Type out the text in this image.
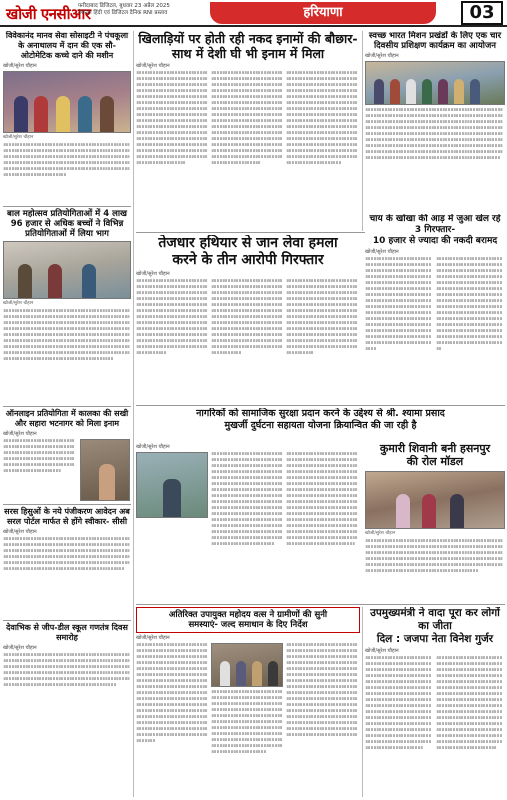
खोजी एनसीआर
फरीदाबाद डिजिटल, बुधवार 23 अप्रैल 2025
नेशनल हिंदी एवं डिजिटल दैनिक RNI प्रस्ताव	हरियाणा	03
विवेकानंद मानव सेवा सोसाइटी ने पंचकूला के अनाथालय में दान की एक सौ- ओटोमेटिक कच्चे दाने की मशीन
खोजी/सुरेश चौहान
खोजी/सुरेश चौहान
॥॥॥॥॥॥॥॥॥॥॥॥॥॥॥॥॥॥॥॥॥॥॥॥॥॥॥॥॥॥॥॥॥॥॥॥॥॥॥॥॥॥॥॥॥॥॥॥॥॥॥॥॥॥॥॥॥॥॥॥॥॥॥॥॥॥॥॥॥॥॥॥॥॥॥॥॥॥॥॥॥॥॥॥॥॥॥॥॥॥॥॥॥॥॥॥॥॥॥॥॥॥॥॥॥॥॥॥॥॥॥॥॥॥॥॥॥॥॥॥॥॥॥॥॥॥॥॥॥॥॥॥॥॥॥॥॥॥॥॥॥॥॥॥॥॥॥॥॥॥॥॥॥॥॥॥॥॥॥॥॥॥॥॥॥॥॥॥॥॥॥॥॥॥॥॥॥॥॥॥॥॥॥॥॥॥॥॥॥॥॥॥॥॥॥॥॥॥॥॥॥॥॥॥॥॥॥॥॥॥॥॥॥॥॥॥॥॥॥॥॥॥॥॥॥॥॥॥॥॥॥॥॥॥॥॥॥॥॥॥॥॥॥॥॥॥॥॥॥॥॥॥॥
बाल महोत्सव प्रतियोगिताओं में 4 लाख 96 हजार से अधिक बच्चों ने विभिन्न प्रतियोगिताओं में लिया भाग
खोजी/सुरेश चौहान
॥॥॥॥॥॥॥॥॥॥॥॥॥॥॥॥॥॥॥॥॥॥॥॥॥॥॥॥॥॥॥॥॥॥॥॥॥॥॥॥॥॥॥॥॥॥॥॥॥॥॥॥॥॥॥॥॥॥॥॥॥॥॥॥॥॥॥॥॥॥॥॥॥॥॥॥॥॥॥॥॥॥॥॥॥॥॥॥॥॥॥॥॥॥॥॥॥॥॥॥॥॥॥॥॥॥॥॥॥॥॥॥॥॥॥॥॥॥॥॥॥॥॥॥॥॥॥॥॥॥॥॥॥॥॥॥॥॥॥॥॥॥॥॥॥॥॥॥॥॥॥॥॥॥॥॥॥॥॥॥॥॥॥॥॥॥॥॥॥॥॥॥॥॥॥॥॥॥॥॥॥॥॥॥॥॥॥॥॥॥॥॥॥॥॥॥॥॥॥॥॥॥॥॥॥॥॥॥॥॥॥॥॥॥॥॥॥॥॥॥॥॥॥॥॥॥॥॥॥॥॥॥॥॥॥॥॥॥॥॥॥॥॥॥॥॥॥॥॥॥॥॥॥॥॥॥॥॥॥॥॥॥॥॥॥॥॥॥॥॥॥॥॥॥॥॥॥॥॥॥॥॥॥॥॥॥॥॥॥॥॥॥॥॥॥॥॥॥॥॥॥॥॥॥॥॥॥॥॥॥॥॥॥॥॥॥॥॥॥॥॥॥॥॥॥॥॥॥॥॥॥॥॥॥॥॥॥॥॥॥॥॥॥॥॥॥॥॥॥॥॥॥॥॥॥॥॥॥॥॥॥॥॥॥॥॥॥॥॥॥॥॥॥॥॥॥॥॥॥॥॥॥॥॥॥॥॥॥॥॥॥॥॥॥॥॥॥॥॥॥॥॥॥॥॥॥॥॥
ऑनलाइन प्रतियोगिता में कालका की सखी और सहारा भटनागर को मिला इनाम
खोजी/सुरेश चौहान
॥॥॥॥॥॥॥॥॥॥॥॥॥॥॥॥॥॥॥॥॥॥॥॥॥॥॥॥॥॥॥॥॥॥॥॥॥॥॥॥॥॥॥॥॥॥॥॥॥॥॥॥॥॥॥॥॥॥॥॥॥॥॥॥॥॥॥॥॥॥॥॥॥॥॥॥॥॥॥॥॥॥॥॥॥॥॥॥॥॥॥॥॥॥॥॥॥॥॥॥॥॥॥॥॥॥॥॥॥॥॥॥॥॥॥॥॥॥॥॥॥॥॥॥॥॥॥॥॥॥॥॥॥॥॥॥॥॥॥॥॥॥॥॥॥॥॥॥॥॥॥
सरस हिसुओं के नये पंजीकरण आवेदन अब सरल पोर्टल मार्फत से होंगे स्वीकार- सीसी
खोजी/सुरेश चौहान
॥॥॥॥॥॥॥॥॥॥॥॥॥॥॥॥॥॥॥॥॥॥॥॥॥॥॥॥॥॥॥॥॥॥॥॥॥॥॥॥॥॥॥॥॥॥॥॥॥॥॥॥॥॥॥॥॥॥॥॥॥॥॥॥॥॥॥॥॥॥॥॥॥॥॥॥॥॥॥॥॥॥॥॥॥॥॥॥॥॥॥॥॥॥॥॥॥॥॥॥॥॥॥॥॥॥॥॥॥॥॥॥॥॥॥॥॥॥॥॥॥॥॥॥॥॥॥॥॥॥॥॥॥॥॥॥॥॥॥॥॥॥॥॥॥॥॥॥॥॥॥॥॥॥॥॥॥॥॥॥॥॥॥॥॥॥॥॥॥॥॥॥॥॥॥॥॥॥॥॥॥॥॥॥॥॥॥॥॥॥॥॥॥॥॥॥॥॥॥॥॥॥॥॥॥॥॥॥॥॥॥॥॥॥॥॥॥॥॥॥॥॥॥॥॥॥॥॥॥॥॥॥॥॥॥॥॥॥॥॥॥॥॥॥॥॥॥॥॥॥॥॥॥॥॥॥॥॥॥॥॥॥॥॥॥॥॥॥॥॥॥॥॥॥
देवाभिक से जीप-डील स्कूल गणतंत्र दिवस समारोह
खोजी/सुरेश चौहान
॥॥॥॥॥॥॥॥॥॥॥॥॥॥॥॥॥॥॥॥॥॥॥॥॥॥॥॥॥॥॥॥॥॥॥॥॥॥॥॥॥॥॥॥॥॥॥॥॥॥॥॥॥॥॥॥॥॥॥॥॥॥॥॥॥॥॥॥॥॥॥॥॥॥॥॥॥॥॥॥॥॥॥॥॥॥॥॥॥॥॥॥॥॥॥॥॥॥॥॥॥॥॥॥॥॥॥॥॥॥॥॥॥॥॥॥॥॥॥॥॥॥॥॥॥॥॥॥॥॥॥॥॥॥॥॥॥॥॥॥॥॥॥॥॥॥॥॥॥॥॥॥॥॥॥॥॥॥॥॥॥॥॥॥॥॥॥॥॥॥॥॥॥॥॥॥॥॥॥॥॥॥॥॥॥॥॥॥॥॥॥॥॥॥॥॥॥॥॥॥॥॥॥॥॥॥॥॥॥॥॥॥॥॥॥॥॥॥॥॥॥॥॥॥॥॥॥॥॥॥॥॥॥॥॥॥॥॥॥॥॥॥॥॥॥॥॥॥॥॥॥॥॥॥॥॥॥॥॥॥॥॥॥॥॥॥॥॥॥॥॥
खिलाड़ियों पर होती रही नकद इनामों की बौछार-
साथ में देशी घी भी इनाम में मिला
खोजी/सुरेश चौहान
॥॥॥॥॥॥॥॥॥॥॥॥॥॥॥॥॥॥॥॥॥॥॥॥॥॥॥॥॥॥॥॥॥॥॥॥॥॥॥॥॥॥॥॥॥॥॥॥॥॥॥॥॥॥॥॥॥॥॥॥॥॥॥॥॥॥॥॥॥॥॥॥॥॥॥॥॥॥॥॥॥॥॥॥॥॥॥॥॥॥॥॥॥॥॥॥॥॥॥॥॥॥॥॥॥॥॥॥॥॥॥॥॥॥॥॥॥॥॥॥॥॥॥॥॥॥॥॥॥॥॥॥॥॥॥॥॥॥॥॥॥॥॥॥॥॥॥॥॥॥॥॥॥॥॥॥॥॥॥॥॥॥॥॥॥॥॥॥॥॥॥॥॥॥॥॥॥॥॥॥॥॥॥॥॥॥॥॥॥॥॥॥॥॥॥॥॥॥॥॥॥॥॥॥॥॥॥॥॥॥॥॥॥॥॥॥॥॥॥॥॥॥॥॥॥॥॥॥॥॥॥॥॥॥॥॥॥॥॥॥॥॥॥॥॥॥॥॥॥॥॥॥॥॥॥॥॥॥॥॥॥॥॥॥॥॥॥॥॥॥॥॥॥॥॥॥॥॥॥॥॥॥॥॥॥॥॥॥॥॥॥॥॥॥॥॥॥॥॥॥॥॥॥॥॥॥॥॥॥॥॥॥॥॥॥॥॥॥॥॥॥॥॥॥॥॥॥॥॥॥॥॥॥॥॥॥॥॥॥॥॥॥॥॥॥॥॥॥॥॥॥॥॥॥॥॥॥॥॥॥॥॥॥॥॥॥॥॥॥॥॥॥॥॥॥॥॥॥॥॥॥॥॥॥॥॥॥॥॥॥॥॥॥॥॥॥॥॥॥॥॥॥॥॥॥॥॥॥
॥॥॥॥॥॥॥॥॥॥॥॥॥॥॥॥॥॥॥॥॥॥॥॥॥॥॥॥॥॥॥॥॥॥॥॥॥॥॥॥॥॥॥॥॥॥॥॥॥॥॥॥॥॥॥॥॥॥॥॥॥॥॥॥॥॥॥॥॥॥॥॥॥॥॥॥॥॥॥॥॥॥॥॥॥॥॥॥॥॥॥॥॥॥॥॥॥॥॥॥॥॥॥॥॥॥॥॥॥॥॥॥॥॥॥॥॥॥॥॥॥॥॥॥॥॥॥॥॥॥॥॥॥॥॥॥॥॥॥॥॥॥॥॥॥॥॥॥॥॥॥॥॥॥॥॥॥॥॥॥॥॥॥॥॥॥॥॥॥॥॥॥॥॥॥॥॥॥॥॥॥॥॥॥॥॥॥॥॥॥॥॥॥॥॥॥॥॥॥॥॥॥॥॥॥॥॥॥॥॥॥॥॥॥॥॥॥॥॥॥॥॥॥॥॥॥॥॥॥॥॥॥॥॥॥॥॥॥॥॥॥॥॥॥॥॥॥॥॥॥॥॥॥॥॥॥॥॥॥॥॥॥॥॥॥॥॥॥॥॥॥॥॥॥॥॥॥॥॥॥॥॥॥॥॥॥॥॥॥॥॥॥॥॥॥॥॥॥॥॥॥॥॥॥॥॥॥॥॥॥॥॥॥॥॥॥॥॥॥॥॥॥॥॥॥॥॥॥॥॥॥॥॥॥॥॥॥॥॥॥॥॥॥॥॥॥॥॥॥॥॥॥॥॥॥॥॥॥॥॥॥॥॥॥॥॥॥॥॥॥॥॥॥॥॥॥॥॥॥॥॥॥॥॥॥॥॥॥॥॥॥॥॥॥॥॥॥॥॥॥॥॥॥॥॥॥॥॥
॥॥॥॥॥॥॥॥॥॥॥॥॥॥॥॥॥॥॥॥॥॥॥॥॥॥॥॥॥॥॥॥॥॥॥॥॥॥॥॥॥॥॥॥॥॥॥॥॥॥॥॥॥॥॥॥॥॥॥॥॥॥॥॥॥॥॥॥॥॥॥॥॥॥॥॥॥॥॥॥॥॥॥॥॥॥॥॥॥॥॥॥॥॥॥॥॥॥॥॥॥॥॥॥॥॥॥॥॥॥॥॥॥॥॥॥॥॥॥॥॥॥॥॥॥॥॥॥॥॥॥॥॥॥॥॥॥॥॥॥॥॥॥॥॥॥॥॥॥॥॥॥॥॥॥॥॥॥॥॥॥॥॥॥॥॥॥॥॥॥॥॥॥॥॥॥॥॥॥॥॥॥॥॥॥॥॥॥॥॥॥॥॥॥॥॥॥॥॥॥॥॥॥॥॥॥॥॥॥॥॥॥॥॥॥॥॥॥॥॥॥॥॥॥॥॥॥॥॥॥॥॥॥॥॥॥॥॥॥॥॥॥॥॥॥॥॥॥॥॥॥॥॥॥॥॥॥॥॥॥॥॥॥॥॥॥॥॥॥॥॥॥॥॥॥॥॥॥॥॥॥॥॥॥॥॥॥॥॥॥॥॥॥॥॥॥॥॥॥॥॥॥॥॥॥॥॥॥॥॥॥॥॥॥॥॥॥॥॥॥॥॥॥॥॥॥॥॥॥॥॥॥॥॥॥॥॥॥॥॥॥॥॥॥॥॥॥॥॥॥॥॥॥॥॥॥॥॥॥॥॥॥॥॥॥॥॥॥॥॥॥॥॥॥॥॥॥॥॥॥॥॥॥॥॥॥॥॥॥॥॥॥॥॥॥॥॥॥॥॥॥॥॥॥॥॥॥॥॥॥
स्वच्छ भारत मिशन प्रखंडों के लिए एक चार दिवसीय प्रशिक्षण कार्यक्रम का आयोजन
खोजी/सुरेश चौहान
॥॥॥॥॥॥॥॥॥॥॥॥॥॥॥॥॥॥॥॥॥॥॥॥॥॥॥॥॥॥॥॥॥॥॥॥॥॥॥॥॥॥॥॥॥॥॥॥॥॥॥॥॥॥॥॥॥॥॥॥॥॥॥॥॥॥॥॥॥॥॥॥॥॥॥॥॥॥॥॥॥॥॥॥॥॥॥॥॥॥॥॥॥॥॥॥॥॥॥॥॥॥॥॥॥॥॥॥॥॥॥॥॥॥॥॥॥॥॥॥॥॥॥॥॥॥॥॥॥॥॥॥॥॥॥॥॥॥॥॥॥॥॥॥॥॥॥॥॥॥॥॥॥॥॥॥॥॥॥॥॥॥॥॥॥॥॥॥॥॥॥॥॥॥॥॥॥॥॥॥॥॥॥॥॥॥॥॥॥॥॥॥॥॥॥॥॥॥॥॥॥॥॥॥॥॥॥॥॥॥॥॥॥॥॥॥॥॥॥॥॥॥॥॥॥॥॥॥॥॥॥॥॥॥॥॥॥॥॥॥॥॥॥॥॥॥॥॥॥॥॥॥॥॥॥॥॥॥॥॥॥॥॥॥॥॥॥॥॥॥॥॥॥॥॥॥॥॥॥॥॥॥॥॥॥॥॥॥॥॥॥॥॥॥॥॥॥॥॥॥॥॥॥॥॥॥॥॥॥॥॥॥॥॥॥॥॥॥॥॥॥॥॥॥॥॥॥॥॥॥॥॥॥॥॥॥॥॥॥॥॥॥॥॥॥॥॥॥॥॥॥॥॥॥॥॥॥॥॥॥॥॥॥॥॥॥॥॥॥॥॥॥॥॥॥॥॥॥॥॥॥॥॥॥॥॥॥॥॥॥॥॥॥॥॥॥॥॥॥॥॥॥॥॥॥॥॥॥॥॥॥॥॥॥॥॥॥॥॥॥॥॥॥॥॥॥॥॥॥॥॥॥॥॥॥॥॥॥॥॥॥॥॥॥॥॥॥॥॥
तेजधार हथियार से जान लेवा हमला
करने के तीन आरोपी गिरफ्तार
खोजी/सुरेश चौहान
॥॥॥॥॥॥॥॥॥॥॥॥॥॥॥॥॥॥॥॥॥॥॥॥॥॥॥॥॥॥॥॥॥॥॥॥॥॥॥॥॥॥॥॥॥॥॥॥॥॥॥॥॥॥॥॥॥॥॥॥॥॥॥॥॥॥॥॥॥॥॥॥॥॥॥॥॥॥॥॥॥॥॥॥॥॥॥॥॥॥॥॥॥॥॥॥॥॥॥॥॥॥॥॥॥॥॥॥॥॥॥॥॥॥॥॥॥॥॥॥॥॥॥॥॥॥॥॥॥॥॥॥॥॥॥॥॥॥॥॥॥॥॥॥॥॥॥॥॥॥॥॥॥॥॥॥॥॥॥॥॥॥॥॥॥॥॥॥॥॥॥॥॥॥॥॥॥॥॥॥॥॥॥॥॥॥॥॥॥॥॥॥॥॥॥॥॥॥॥॥॥॥॥॥॥॥॥॥॥॥॥॥॥॥॥॥॥॥॥॥॥॥॥॥॥॥॥॥॥॥॥॥॥॥॥॥॥॥॥॥॥॥॥॥॥॥॥॥॥॥॥॥॥॥॥॥॥॥॥॥॥॥॥॥॥॥॥॥॥॥॥॥॥॥॥॥॥॥॥॥॥॥॥॥॥॥॥॥॥॥॥॥॥॥॥॥॥॥॥॥॥॥॥॥॥॥॥॥॥॥॥॥॥॥॥॥॥॥॥॥॥॥॥
॥॥॥॥॥॥॥॥॥॥॥॥॥॥॥॥॥॥॥॥॥॥॥॥॥॥॥॥॥॥॥॥॥॥॥॥॥॥॥॥॥॥॥॥॥॥॥॥॥॥॥॥॥॥॥॥॥॥॥॥॥॥॥॥॥॥॥॥॥॥॥॥॥॥॥॥॥॥॥॥॥॥॥॥॥॥॥॥॥॥॥॥॥॥॥॥॥॥॥॥॥॥॥॥॥॥॥॥॥॥॥॥॥॥॥॥॥॥॥॥॥॥॥॥॥॥॥॥॥॥॥॥॥॥॥॥॥॥॥॥॥॥॥॥॥॥॥॥॥॥॥॥॥॥॥॥॥॥॥॥॥॥॥॥॥॥॥॥॥॥॥॥॥॥॥॥॥॥॥॥॥॥॥॥॥॥॥॥॥॥॥॥॥॥॥॥॥॥॥॥॥॥॥॥॥॥॥॥॥॥॥॥॥॥॥॥॥॥॥॥॥॥॥॥॥॥॥॥॥॥॥॥॥॥॥॥॥॥॥॥॥॥॥॥॥॥॥॥॥॥॥॥॥॥॥॥॥॥॥॥॥॥॥॥॥॥॥॥॥॥॥॥॥॥॥॥॥॥॥॥॥॥॥॥॥॥॥॥॥॥॥॥॥॥॥॥॥॥॥॥॥॥॥॥॥॥॥॥॥॥॥॥॥॥॥॥॥॥॥॥॥॥॥
॥॥॥॥॥॥॥॥॥॥॥॥॥॥॥॥॥॥॥॥॥॥॥॥॥॥॥॥॥॥॥॥॥॥॥॥॥॥॥॥॥॥॥॥॥॥॥॥॥॥॥॥॥॥॥॥॥॥॥॥॥॥॥॥॥॥॥॥॥॥॥॥॥॥॥॥॥॥॥॥॥॥॥॥॥॥॥॥॥॥॥॥॥॥॥॥॥॥॥॥॥॥॥॥॥॥॥॥॥॥॥॥॥॥॥॥॥॥॥॥॥॥॥॥॥॥॥॥॥॥॥॥॥॥॥॥॥॥॥॥॥॥॥॥॥॥॥॥॥॥॥॥॥॥॥॥॥॥॥॥॥॥॥॥॥॥॥॥॥॥॥॥॥॥॥॥॥॥॥॥॥॥॥॥॥॥॥॥॥॥॥॥॥॥॥॥॥॥॥॥॥॥॥॥॥॥॥॥॥॥॥॥॥॥॥॥॥॥॥॥॥॥॥॥॥॥॥॥॥॥॥॥॥॥॥॥॥॥॥॥॥॥॥॥॥॥॥॥॥॥॥॥॥॥॥॥॥॥॥॥॥॥॥॥॥॥॥॥॥॥॥॥॥॥॥॥॥॥॥॥॥॥॥॥॥॥॥॥॥॥॥॥॥॥॥॥॥॥॥॥॥॥॥॥॥॥॥॥॥॥॥॥॥॥॥॥॥॥॥॥॥॥
चाय के खोखा की आड़ में जुआ खेल रहे 3 गिरफ्तार-
10 हजार से ज्यादा की नकदी बरामद
खोजी/सुरेश चौहान
॥॥॥॥॥॥॥॥॥॥॥॥॥॥॥॥॥॥॥॥॥॥॥॥॥॥॥॥॥॥॥॥॥॥॥॥॥॥॥॥॥॥॥॥॥॥॥॥॥॥॥॥॥॥॥॥॥॥॥॥॥॥॥॥॥॥॥॥॥॥॥॥॥॥॥॥॥॥॥॥॥॥॥॥॥॥॥॥॥॥॥॥॥॥॥॥॥॥॥॥॥॥॥॥॥॥॥॥॥॥॥॥॥॥॥॥॥॥॥॥॥॥॥॥॥॥॥॥॥॥॥॥॥॥॥॥॥॥॥॥॥॥॥॥॥॥॥॥॥॥॥॥॥॥॥॥॥॥॥॥॥॥॥॥॥॥॥॥॥॥॥॥॥॥॥॥॥॥॥॥॥॥॥॥॥॥॥॥॥॥॥॥॥॥॥॥॥॥॥॥॥॥॥॥॥॥॥॥॥॥॥॥॥॥॥॥॥॥॥॥॥॥॥॥॥॥॥॥॥॥॥॥॥॥॥॥॥॥॥॥॥॥॥॥॥॥॥॥॥॥॥॥॥॥॥॥॥॥॥॥॥॥॥॥॥॥॥॥॥॥॥॥॥॥॥॥॥॥॥॥॥॥॥॥॥॥॥॥॥॥॥॥॥॥॥॥॥॥॥॥॥॥॥॥॥॥॥॥॥॥॥॥॥॥॥॥॥॥॥॥॥॥॥॥॥॥॥॥॥॥॥॥॥॥॥॥॥॥॥॥॥॥॥॥॥॥॥॥॥॥॥॥॥॥॥॥॥॥॥॥॥॥॥॥
॥॥॥॥॥॥॥॥॥॥॥॥॥॥॥॥॥॥॥॥॥॥॥॥॥॥॥॥॥॥॥॥॥॥॥॥॥॥॥॥॥॥॥॥॥॥॥॥॥॥॥॥॥॥॥॥॥॥॥॥॥॥॥॥॥॥॥॥॥॥॥॥॥॥॥॥॥॥॥॥॥॥॥॥॥॥॥॥॥॥॥॥॥॥॥॥॥॥॥॥॥॥॥॥॥॥॥॥॥॥॥॥॥॥॥॥॥॥॥॥॥॥॥॥॥॥॥॥॥॥॥॥॥॥॥॥॥॥॥॥॥॥॥॥॥॥॥॥॥॥॥॥॥॥॥॥॥॥॥॥॥॥॥॥॥॥॥॥॥॥॥॥॥॥॥॥॥॥॥॥॥॥॥॥॥॥॥॥॥॥॥॥॥॥॥॥॥॥॥॥॥॥॥॥॥॥॥॥॥॥॥॥॥॥॥॥॥॥॥॥॥॥॥॥॥॥॥॥॥॥॥॥॥॥॥॥॥॥॥॥॥॥॥॥॥॥॥॥॥॥॥॥॥॥॥॥॥॥॥॥॥॥॥॥॥॥॥॥॥॥॥॥॥॥॥॥॥॥॥॥॥॥॥॥॥॥॥॥॥॥॥॥॥॥॥॥॥॥॥॥॥॥॥॥॥॥॥॥॥॥॥॥॥॥॥॥॥॥॥॥॥॥॥॥॥॥॥॥॥॥॥॥॥॥॥॥॥॥॥॥॥॥॥॥॥॥॥॥॥॥॥॥॥॥॥॥॥॥॥॥॥॥
नागरिकों को सामाजिक सुरक्षा प्रदान करने के उद्देश्य से श्री. श्यामा प्रसाद
मुखर्जी दुर्घटना सहायता योजना क्रियान्वित की जा रही है
खोजी/सुरेश चौहान
॥॥॥॥॥॥॥॥॥॥॥॥॥॥॥॥॥॥॥॥॥॥॥॥॥॥॥॥॥॥॥॥॥॥॥॥॥॥॥॥॥॥॥॥॥॥॥॥॥॥॥॥॥॥॥॥॥॥॥॥॥॥॥॥॥॥॥॥॥॥॥॥॥॥॥॥॥॥॥॥॥॥॥॥॥॥॥॥॥॥॥॥॥॥॥॥॥॥॥॥॥॥॥॥॥॥॥॥॥॥॥॥॥॥॥॥॥॥॥॥॥॥॥॥॥॥॥॥॥॥॥॥॥॥॥॥॥॥॥॥॥॥॥॥॥॥॥॥॥॥॥॥॥॥॥॥॥॥॥॥॥॥॥॥॥॥॥॥॥॥॥॥॥॥॥॥॥॥॥॥॥॥॥॥॥॥॥॥॥॥॥॥॥॥॥॥॥॥॥॥॥॥॥॥॥॥॥॥॥॥॥॥॥॥॥॥॥॥॥॥॥॥॥॥॥॥॥॥॥॥॥॥॥॥॥॥॥॥॥॥॥॥॥॥॥॥॥॥॥॥॥॥॥॥॥॥॥॥॥॥॥॥॥॥॥॥॥॥॥॥॥॥॥॥॥॥॥॥॥॥॥॥॥॥॥॥॥॥॥॥॥॥॥॥॥॥॥॥॥॥॥॥॥॥॥॥॥॥॥॥॥॥॥॥॥॥॥॥॥॥॥॥॥॥॥॥॥॥॥॥॥॥॥॥॥॥॥॥॥॥॥॥॥॥॥॥॥॥॥॥॥॥॥॥॥॥॥॥॥॥॥॥॥॥॥॥॥॥॥॥॥॥॥॥॥॥॥॥॥॥॥॥॥॥॥॥॥॥॥॥॥॥॥॥॥॥॥॥॥॥॥॥॥॥॥॥॥॥॥॥॥॥॥
॥॥॥॥॥॥॥॥॥॥॥॥॥॥॥॥॥॥॥॥॥॥॥॥॥॥॥॥॥॥॥॥॥॥॥॥॥॥॥॥॥॥॥॥॥॥॥॥॥॥॥॥॥॥॥॥॥॥॥॥॥॥॥॥॥॥॥॥॥॥॥॥॥॥॥॥॥॥॥॥॥॥॥॥॥॥॥॥॥॥॥॥॥॥॥॥॥॥॥॥॥॥॥॥॥॥॥॥॥॥॥॥॥॥॥॥॥॥॥॥॥॥॥॥॥॥॥॥॥॥॥॥॥॥॥॥॥॥॥॥॥॥॥॥॥॥॥॥॥॥॥॥॥॥॥॥॥॥॥॥॥॥॥॥॥॥॥॥॥॥॥॥॥॥॥॥॥॥॥॥॥॥॥॥॥॥॥॥॥॥॥॥॥॥॥॥॥॥॥॥॥॥॥॥॥॥॥॥॥॥॥॥॥॥॥॥॥॥॥॥॥॥॥॥॥॥॥॥॥॥॥॥॥॥॥॥॥॥॥॥॥॥॥॥॥॥॥॥॥॥॥॥॥॥॥॥॥॥॥॥॥॥॥॥॥॥॥॥॥॥॥॥॥॥॥॥॥॥॥॥॥॥॥॥॥॥॥॥॥॥॥॥॥॥॥॥॥॥॥॥॥॥॥॥॥॥॥॥॥॥॥॥॥॥॥॥॥॥॥॥॥॥॥॥॥॥॥॥॥॥॥॥॥॥॥॥॥॥॥॥॥॥॥॥॥॥॥॥॥॥॥॥॥॥॥॥॥॥॥॥॥॥॥॥॥॥॥॥॥॥॥॥॥॥॥॥॥॥॥॥॥॥॥॥॥॥॥॥॥॥॥॥॥॥॥॥॥॥॥॥॥॥॥॥॥॥॥॥॥॥॥॥॥॥॥
कुमारी शिवानी बनी हसनपुर
की रोल मॉडल
खोजी/सुरेश चौहान
॥॥॥॥॥॥॥॥॥॥॥॥॥॥॥॥॥॥॥॥॥॥॥॥॥॥॥॥॥॥॥॥॥॥॥॥॥॥॥॥॥॥॥॥॥॥॥॥॥॥॥॥॥॥॥॥॥॥॥॥॥॥॥॥॥॥॥॥॥॥॥॥॥॥॥॥॥॥॥॥॥॥॥॥॥॥॥॥॥॥॥॥॥॥॥॥॥॥॥॥॥॥॥॥॥॥॥॥॥॥॥॥॥॥॥॥॥॥॥॥॥॥॥॥॥॥॥॥॥॥॥॥॥॥॥॥॥॥॥॥॥॥॥॥॥॥॥॥॥॥॥॥॥॥॥॥॥॥॥॥॥॥॥॥॥॥॥॥॥॥॥॥॥॥॥॥॥॥॥॥॥॥॥॥॥॥॥॥॥॥॥॥॥॥॥॥॥॥॥॥॥॥॥॥॥॥॥॥॥॥॥॥॥॥॥॥॥॥॥॥॥॥॥॥॥॥॥॥॥॥॥॥॥॥॥॥॥॥॥॥॥॥॥॥॥॥॥॥॥॥॥॥॥॥॥॥॥॥॥॥॥॥॥॥॥॥॥॥॥॥॥॥॥॥॥॥॥॥॥॥॥॥॥॥॥॥॥॥॥॥॥
अतिरिक्त उपायुक्त महोदय वत्स ने ग्रामीणों की सुनी
समस्याएं- जल्द समाधान के दिए निर्देश
खोजी/सुरेश चौहान
॥॥॥॥॥॥॥॥॥॥॥॥॥॥॥॥॥॥॥॥॥॥॥॥॥॥॥॥॥॥॥॥॥॥॥॥॥॥॥॥॥॥॥॥॥॥॥॥॥॥॥॥॥॥॥॥॥॥॥॥॥॥॥॥॥॥॥॥॥॥॥॥॥॥॥॥॥॥॥॥॥॥॥॥॥॥॥॥॥॥॥॥॥॥॥॥॥॥॥॥॥॥॥॥॥॥॥॥॥॥॥॥॥॥॥॥॥॥॥॥॥॥॥॥॥॥॥॥॥॥॥॥॥॥॥॥॥॥॥॥॥॥॥॥॥॥॥॥॥॥॥॥॥॥॥॥॥॥॥॥॥॥॥॥॥॥॥॥॥॥॥॥॥॥॥॥॥॥॥॥॥॥॥॥॥॥॥॥॥॥॥॥॥॥॥॥॥॥॥॥॥॥॥॥॥॥॥॥॥॥॥॥॥॥॥॥॥॥॥॥॥॥॥॥॥॥॥॥॥॥॥॥॥॥॥॥॥॥॥॥॥॥॥॥॥॥॥॥॥॥॥॥॥॥॥॥॥॥॥॥॥॥॥॥॥॥॥॥॥॥॥॥॥॥॥॥॥॥॥॥॥॥॥॥॥॥॥॥॥॥॥॥॥॥॥॥॥॥॥॥॥॥॥॥॥॥॥॥॥॥॥॥॥॥॥॥॥॥॥॥॥॥॥॥॥॥॥॥॥॥॥॥॥॥॥॥॥॥॥॥॥॥॥॥॥॥॥॥॥॥॥॥॥॥॥॥॥॥॥॥॥॥॥॥॥॥॥॥॥॥॥॥॥॥॥॥॥॥॥॥॥॥॥॥॥॥॥॥॥॥॥॥॥॥॥॥॥॥॥॥॥॥॥॥॥॥॥॥॥॥॥॥॥॥॥॥॥॥॥॥॥॥॥
॥॥॥॥॥॥॥॥॥॥॥॥॥॥॥॥॥॥॥॥॥॥॥॥॥॥॥॥॥॥॥॥॥॥॥॥॥॥॥॥॥॥॥॥॥॥॥॥॥॥॥॥॥॥॥॥॥॥॥॥॥॥॥॥॥॥॥॥॥॥॥॥॥॥॥॥॥॥॥॥॥॥॥॥॥॥॥॥॥॥॥॥॥॥॥॥॥॥॥॥॥॥॥॥॥॥॥॥॥॥॥॥॥॥॥॥॥॥॥॥॥॥॥॥॥॥॥॥॥॥॥॥॥॥॥॥॥॥॥॥॥॥॥॥॥॥॥॥॥॥॥॥॥॥॥॥॥॥॥॥॥॥॥॥॥॥॥॥॥॥॥॥॥॥॥॥॥॥॥॥॥॥॥॥॥॥॥॥॥॥॥॥॥॥॥॥॥॥॥॥॥॥॥॥॥॥॥॥॥॥॥॥॥॥॥॥॥॥॥॥॥॥॥॥॥॥॥॥॥॥॥॥॥॥॥॥॥॥॥॥॥॥॥॥॥॥॥॥॥॥॥॥॥॥॥॥॥॥॥॥॥॥॥॥॥॥॥॥॥॥॥॥॥॥॥॥॥॥॥॥
॥॥॥॥॥॥॥॥॥॥॥॥॥॥॥॥॥॥॥॥॥॥॥॥॥॥॥॥॥॥॥॥॥॥॥॥॥॥॥॥॥॥॥॥॥॥॥॥॥॥॥॥॥॥॥॥॥॥॥॥॥॥॥॥॥॥॥॥॥॥॥॥॥॥॥॥॥॥॥॥॥॥॥॥॥॥॥॥॥॥॥॥॥॥॥॥॥॥॥॥॥॥॥॥॥॥॥॥॥॥॥॥॥॥॥॥॥॥॥॥॥॥॥॥॥॥॥॥॥॥॥॥॥॥॥॥॥॥॥॥॥॥॥॥॥॥॥॥॥॥॥॥॥॥॥॥॥॥॥॥॥॥॥॥॥॥॥॥॥॥॥॥॥॥॥॥॥॥॥॥॥॥॥॥॥॥॥॥॥॥॥॥॥॥॥॥॥॥॥॥॥॥॥॥॥॥॥॥॥॥॥॥॥॥॥॥॥॥॥॥॥॥॥॥॥॥॥॥॥॥॥॥॥॥॥॥॥॥॥॥॥॥॥॥॥॥॥॥॥॥॥॥॥॥॥॥॥॥॥॥॥॥॥॥॥॥॥॥॥॥॥॥॥॥॥॥॥॥॥॥॥॥॥॥॥॥॥॥॥॥॥॥॥॥॥॥॥॥॥॥॥॥॥॥॥॥॥॥॥॥॥॥॥॥॥॥॥॥॥॥॥॥॥॥॥॥॥॥॥॥॥॥॥॥॥॥॥॥॥॥॥॥॥॥॥॥॥॥॥॥॥॥॥॥॥॥॥॥॥॥॥॥॥॥॥॥॥॥॥॥॥॥॥॥॥॥॥॥॥॥॥॥॥॥॥॥॥॥॥॥॥॥॥॥॥॥॥॥॥॥॥॥॥॥॥॥॥॥॥॥॥॥॥॥॥॥
उपमुख्यमंत्री ने वादा पूरा कर लोगों का जीता
दिल : जजपा नेता विनेश गुर्जर
खोजी/सुरेश चौहान
॥॥॥॥॥॥॥॥॥॥॥॥॥॥॥॥॥॥॥॥॥॥॥॥॥॥॥॥॥॥॥॥॥॥॥॥॥॥॥॥॥॥॥॥॥॥॥॥॥॥॥॥॥॥॥॥॥॥॥॥॥॥॥॥॥॥॥॥॥॥॥॥॥॥॥॥॥॥॥॥॥॥॥॥॥॥॥॥॥॥॥॥॥॥॥॥॥॥॥॥॥॥॥॥॥॥॥॥॥॥॥॥॥॥॥॥॥॥॥॥॥॥॥॥॥॥॥॥॥॥॥॥॥॥॥॥॥॥॥॥॥॥॥॥॥॥॥॥॥॥॥॥॥॥॥॥॥॥॥॥॥॥॥॥॥॥॥॥॥॥॥॥॥॥॥॥॥॥॥॥॥॥॥॥॥॥॥॥॥॥॥॥॥॥॥॥॥॥॥॥॥॥॥॥॥॥॥॥॥॥॥॥॥॥॥॥॥॥॥॥॥॥॥॥॥॥॥॥॥॥॥॥॥॥॥॥॥॥॥॥॥॥॥॥॥॥॥॥॥॥॥॥॥॥॥॥॥॥॥॥॥॥॥॥॥॥॥॥॥॥॥॥॥॥॥॥॥॥॥॥॥॥॥॥॥॥॥॥॥॥॥॥॥॥॥॥॥॥॥॥॥॥॥॥॥॥॥॥॥॥॥॥॥॥॥॥॥॥॥॥॥॥॥॥॥॥॥॥॥॥॥॥॥॥॥॥॥॥॥॥॥॥॥॥॥॥॥॥॥॥॥॥॥॥॥॥॥॥॥॥॥॥॥॥॥॥॥॥॥॥॥॥॥॥॥॥॥॥॥॥॥
॥॥॥॥॥॥॥॥॥॥॥॥॥॥॥॥॥॥॥॥॥॥॥॥॥॥॥॥॥॥॥॥॥॥॥॥॥॥॥॥॥॥॥॥॥॥॥॥॥॥॥॥॥॥॥॥॥॥॥॥॥॥॥॥॥॥॥॥॥॥॥॥॥॥॥॥॥॥॥॥॥॥॥॥॥॥॥॥॥॥॥॥॥॥॥॥॥॥॥॥॥॥॥॥॥॥॥॥॥॥॥॥॥॥॥॥॥॥॥॥॥॥॥॥॥॥॥॥॥॥॥॥॥॥॥॥॥॥॥॥॥॥॥॥॥॥॥॥॥॥॥॥॥॥॥॥॥॥॥॥॥॥॥॥॥॥॥॥॥॥॥॥॥॥॥॥॥॥॥॥॥॥॥॥॥॥॥॥॥॥॥॥॥॥॥॥॥॥॥॥॥॥॥॥॥॥॥॥॥॥॥॥॥॥॥॥॥॥॥॥॥॥॥॥॥॥॥॥॥॥॥॥॥॥॥॥॥॥॥॥॥॥॥॥॥॥॥॥॥॥॥॥॥॥॥॥॥॥॥॥॥॥॥॥॥॥॥॥॥॥॥॥॥॥॥॥॥॥॥॥॥॥॥॥॥॥॥॥॥॥॥॥॥॥॥॥॥॥॥॥॥॥॥॥॥॥॥॥॥॥॥॥॥॥॥॥॥॥॥॥॥॥॥॥॥॥॥॥॥॥॥॥॥॥॥॥॥॥॥॥॥॥॥॥॥॥॥॥॥॥॥॥॥॥॥॥॥॥॥॥॥॥॥॥॥॥॥॥॥॥॥॥॥॥॥॥॥॥॥॥॥॥
